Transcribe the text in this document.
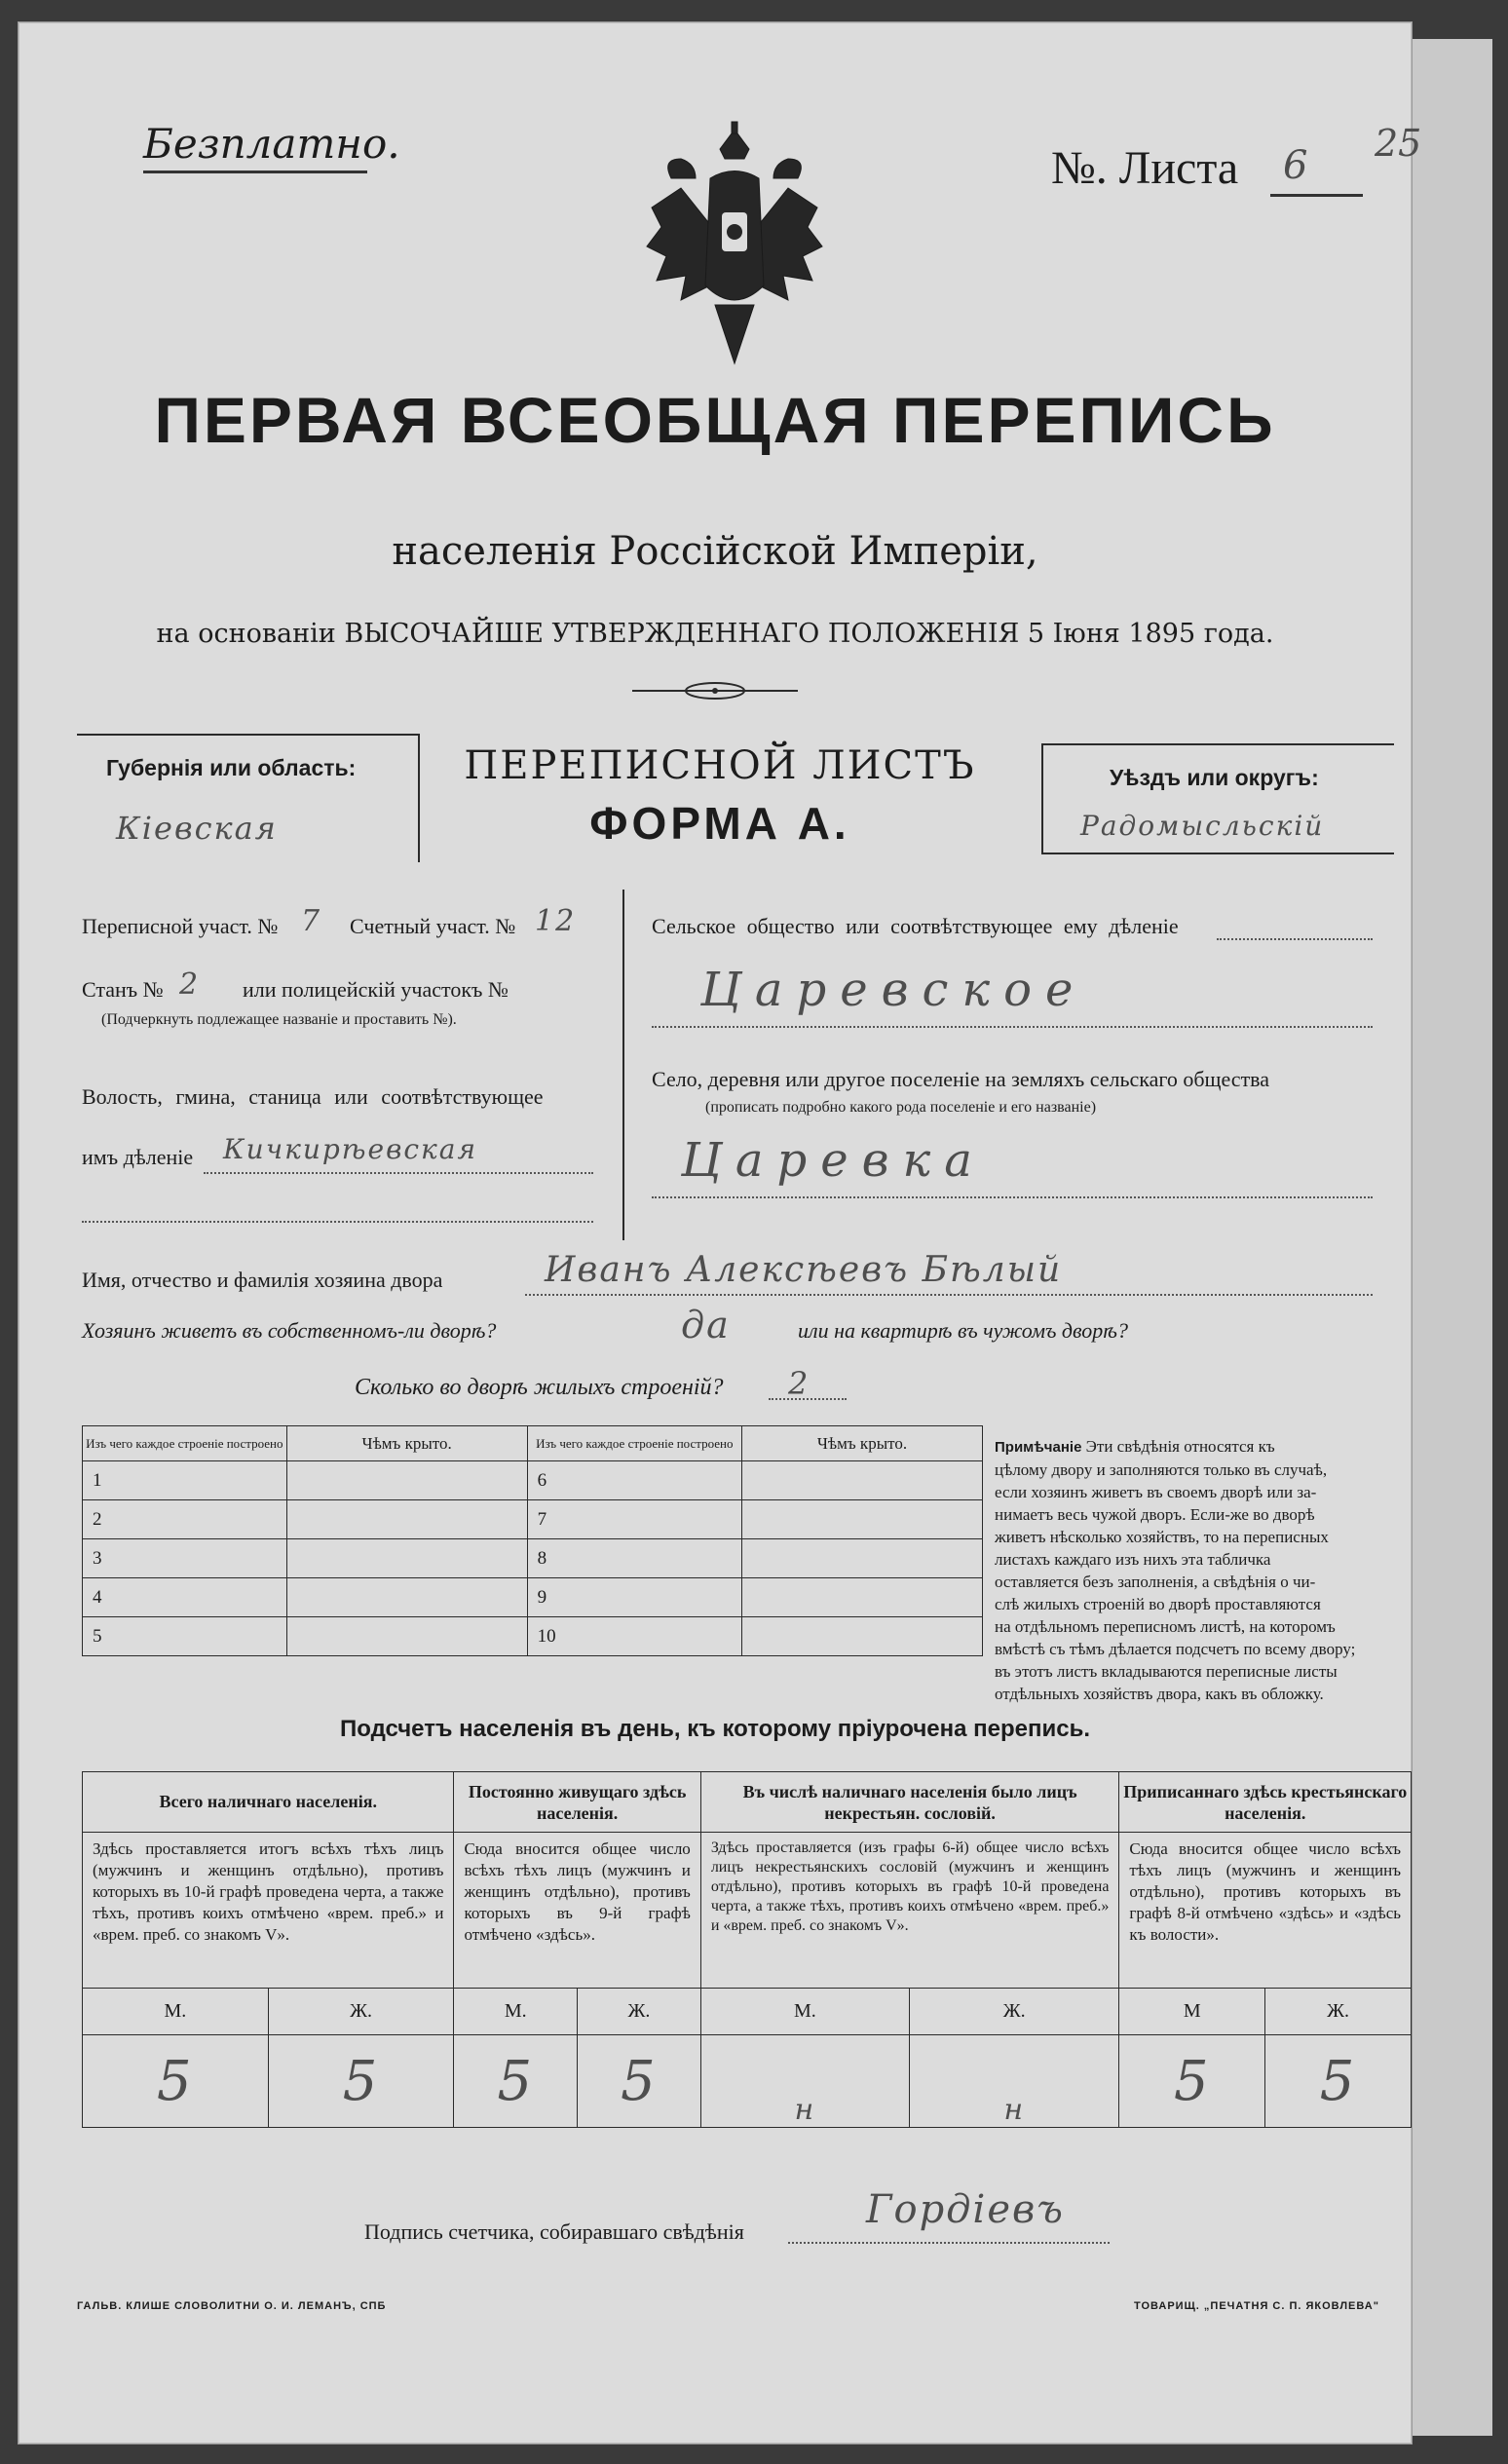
Безплатно.	№. Листа 6 25
ПЕРВАЯ ВСЕОБЩАЯ ПЕРЕПИСЬ
населенія Россійской Имперіи,
на основаніи ВЫСОЧАЙШЕ УТВЕРЖДЕННАГО ПОЛОЖЕНІЯ 5 Іюня 1895 года.
Губернія или область:
Кіевская
ПЕРЕПИСНОЙ ЛИСТЪ
ФОРМА А.
Уѣздъ или округъ:
Радомысльскій
Переписной участ. № 7 Счетный участ. № 12
Станъ № 2 или полицейскій участокъ №
(Подчеркнуть подлежащее названіе и проставить №).
Волость, гмина, станица или соотвѣтствующее
имъ дѣленіе Кичкирѣевская
Сельское общество или соотвѣтствующее ему дѣленіе
Царевское
Село, деревня или другое поселеніе на земляхъ сельскаго общества
(прописать подробно какого рода поселеніе и его названіе)
Царевка
Имя, отчество и фамилія хозяина двора	Иванъ Алексѣевъ Бѣлый
Хозяинъ живетъ въ собственномъ-ли дворѣ?	да	или на квартирѣ въ чужомъ дворѣ?
Сколько во дворѣ жилыхъ строеній? 2
Изъ чего каждое строеніе построено	Чѣмъ крыто.	Изъ чего каждое строеніе построено	Чѣмъ крыто.
1		6	
2		7	
3		8	
4		9	
5		10	
Примѣчаніе Эти свѣдѣнія относятся къ
цѣлому двору и заполняются только въ случаѣ,
если хозяинъ живетъ въ своемъ дворѣ или за-
нимаетъ весь чужой дворъ. Если-же во дворѣ
живетъ нѣсколько хозяйствъ, то на переписных
листахъ каждаго изъ нихъ эта табличка
оставляется безъ заполненія, а свѣдѣнія о чи-
слѣ жилыхъ строеній во дворѣ проставляются
на отдѣльномъ переписномъ листѣ, на которомъ
вмѣстѣ съ тѣмъ дѣлается подсчетъ по всему двору;
въ этотъ листъ вкладываются переписные листы
отдѣльныхъ хозяйствъ двора, какъ въ обложку.
Подсчетъ населенія въ день, къ которому пріурочена перепись.
Всего наличнаго населенія.		Постоянно живущаго здѣсь населенія.		Въ числѣ наличнаго населенія было лицъ некрестьян. сословій.		Приписаннаго здѣсь крестьянскаго населенія.	
Здѣсь проставляется итогъ всѣхъ тѣхъ лицъ (мужчинъ и женщинъ отдѣльно), противъ которыхъ въ 10-й графѣ проведена черта, а также тѣхъ, противъ коихъ отмѣчено «врем. преб.» и «врем. преб. со знакомъ V».		Сюда вносится общее число всѣхъ тѣхъ лицъ (мужчинъ и женщинъ отдѣльно), противъ которыхъ въ 9-й графѣ отмѣчено «здѣсь».		Здѣсь проставляется (изъ графы 6-й) общее число всѣхъ лицъ некрестьянскихъ сословій (мужчинъ и женщинъ отдѣльно), противъ которыхъ въ графѣ 10-й проведена черта, а также тѣхъ, противъ коихъ отмѣчено «врем. преб.» и «врем. преб. со знакомъ V».		Сюда вносится общее число всѣхъ тѣхъ лицъ (мужчинъ и женщинъ отдѣльно), противъ которыхъ въ графѣ 8-й отмѣчено «здѣсь» и «здѣсь къ волости».	
М.	Ж.	М.	Ж.	М.	Ж.	М	Ж.
5	5	5	5	н	н	5	5
Подпись счетчика, собиравшаго свѣдѣнія	Гордіевъ
ГАЛЬВ. КЛИШЕ СЛОВОЛИТНИ О. И. ЛЕМАНЪ, СПБ	ТОВАРИЩ. „ПЕЧАТНЯ С. П. ЯКОВЛЕВА"
